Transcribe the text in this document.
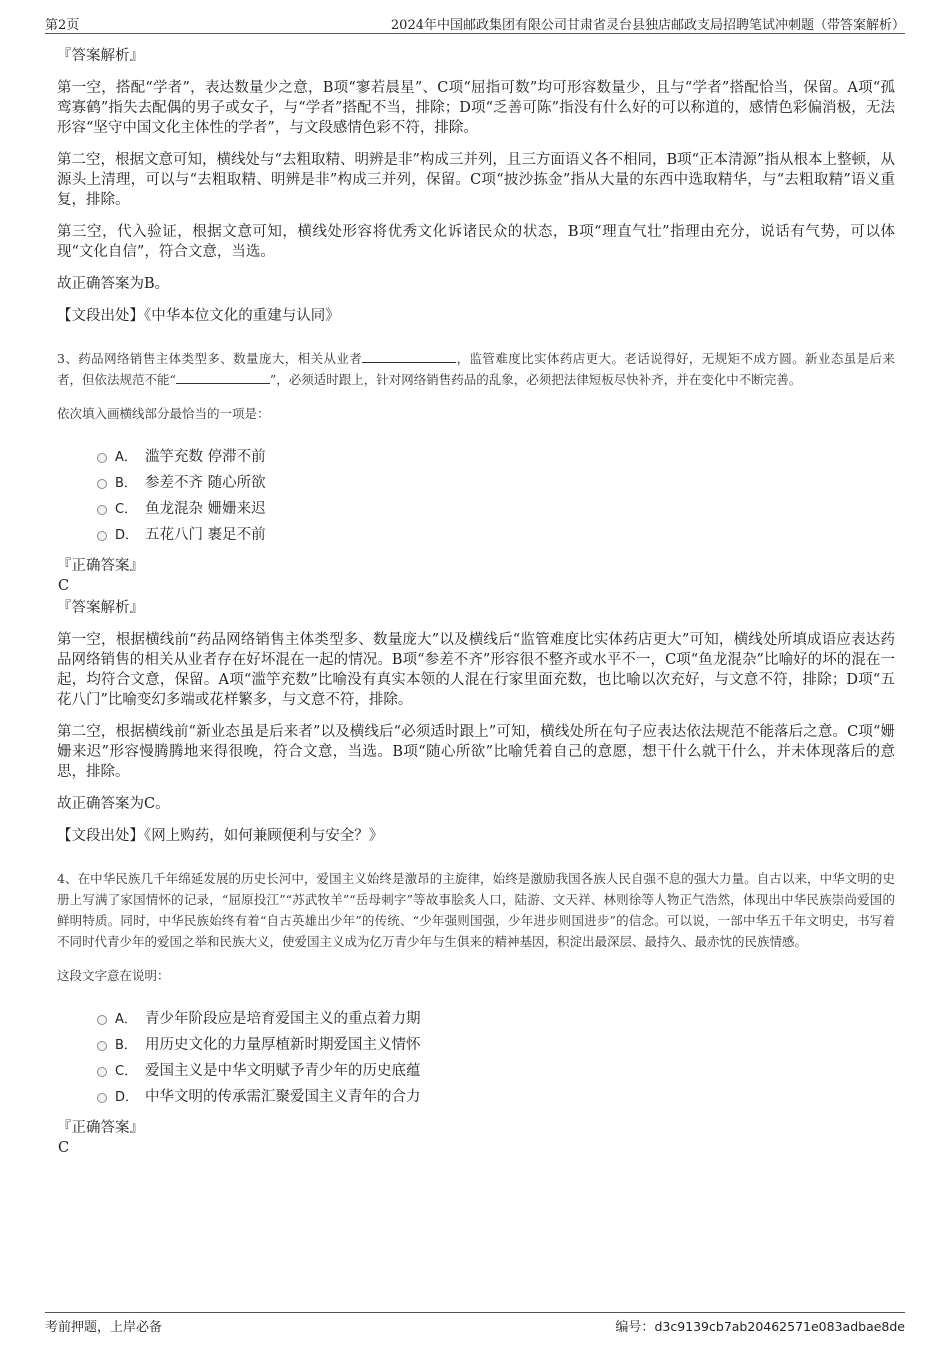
第2页	2024年中国邮政集团有限公司甘肃省灵台县独店邮政支局招聘笔试冲刺题（带答案解析）
『答案解析』
第一空，搭配“学者”，表达数量少之意，B项“寥若晨星”、C项“屈指可数”均可形容数量少，且与“学者”搭配恰当，保留。A项“孤鸾寡鹤”指失去配偶的男子或女子，与“学者”搭配不当，排除；D项“乏善可陈”指没有什么好的可以称道的，感情色彩偏消极，无法形容“坚守中国文化主体性的学者”，与文段感情色彩不符，排除。
第二空，根据文意可知，横线处与“去粗取精、明辨是非”构成三并列，且三方面语义各不相同，B项“正本清源”指从根本上整顿，从源头上清理，可以与“去粗取精、明辨是非”构成三并列，保留。C项“披沙拣金”指从大量的东西中选取精华，与“去粗取精”语义重复，排除。
第三空，代入验证，根据文意可知，横线处形容将优秀文化诉诸民众的状态，B项“理直气壮”指理由充分，说话有气势，可以体现“文化自信”，符合文意，当选。
故正确答案为B。
【文段出处】《中华本位文化的重建与认同》
3、药品网络销售主体类型多、数量庞大，相关从业者	，监管难度比实体药店更大。老话说得好，无规矩不成方圆。新业态虽是后来者，但依法规范不能“	”，必须适时跟上，针对网络销售药品的乱象，必须把法律短板尽快补齐，并在变化中不断完善。
依次填入画横线部分最恰当的一项是：
A． 滥竽充数 停滞不前
B． 参差不齐 随心所欲
C． 鱼龙混杂 姗姗来迟
D． 五花八门 裹足不前
『正确答案』
C
『答案解析』
第一空，根据横线前“药品网络销售主体类型多、数量庞大”以及横线后“监管难度比实体药店更大”可知，横线处所填成语应表达药品网络销售的相关从业者存在好坏混在一起的情况。B项“参差不齐”形容很不整齐或水平不一，C项“鱼龙混杂”比喻好的坏的混在一起，均符合文意，保留。A项“滥竽充数”比喻没有真实本领的人混在行家里面充数，也比喻以次充好，与文意不符，排除；D项“五花八门”比喻变幻多端或花样繁多，与文意不符，排除。
第二空，根据横线前“新业态虽是后来者”以及横线后“必须适时跟上”可知，横线处所在句子应表达依法规范不能落后之意。C项“姗姗来迟”形容慢腾腾地来得很晚，符合文意，当选。B项“随心所欲”比喻凭着自己的意愿，想干什么就干什么，并未体现落后的意思，排除。
故正确答案为C。
【文段出处】《网上购药，如何兼顾便利与安全？》
4、在中华民族几千年绵延发展的历史长河中，爱国主义始终是激昂的主旋律，始终是激励我国各族人民自强不息的强大力量。自古以来，中华文明的史册上写满了家国情怀的记录，“屈原投江”“苏武牧羊”“岳母刺字”等故事脍炙人口，陆游、文天祥、林则徐等人物正气浩然，体现出中华民族崇尚爱国的鲜明特质。同时，中华民族始终有着“自古英雄出少年”的传统、“少年强则国强，少年进步则国进步”的信念。可以说，一部中华五千年文明史，书写着不同时代青少年的爱国之举和民族大义，使爱国主义成为亿万青少年与生俱来的精神基因，积淀出最深层、最持久、最赤忱的民族情感。
这段文字意在说明：
A． 青少年阶段应是培育爱国主义的重点着力期
B． 用历史文化的力量厚植新时期爱国主义情怀
C． 爱国主义是中华文明赋予青少年的历史底蕴
D． 中华文明的传承需汇聚爱国主义青年的合力
『正确答案』
C
考前押题，上岸必备	编号：d3c9139cb7ab20462571e083adbae8de
